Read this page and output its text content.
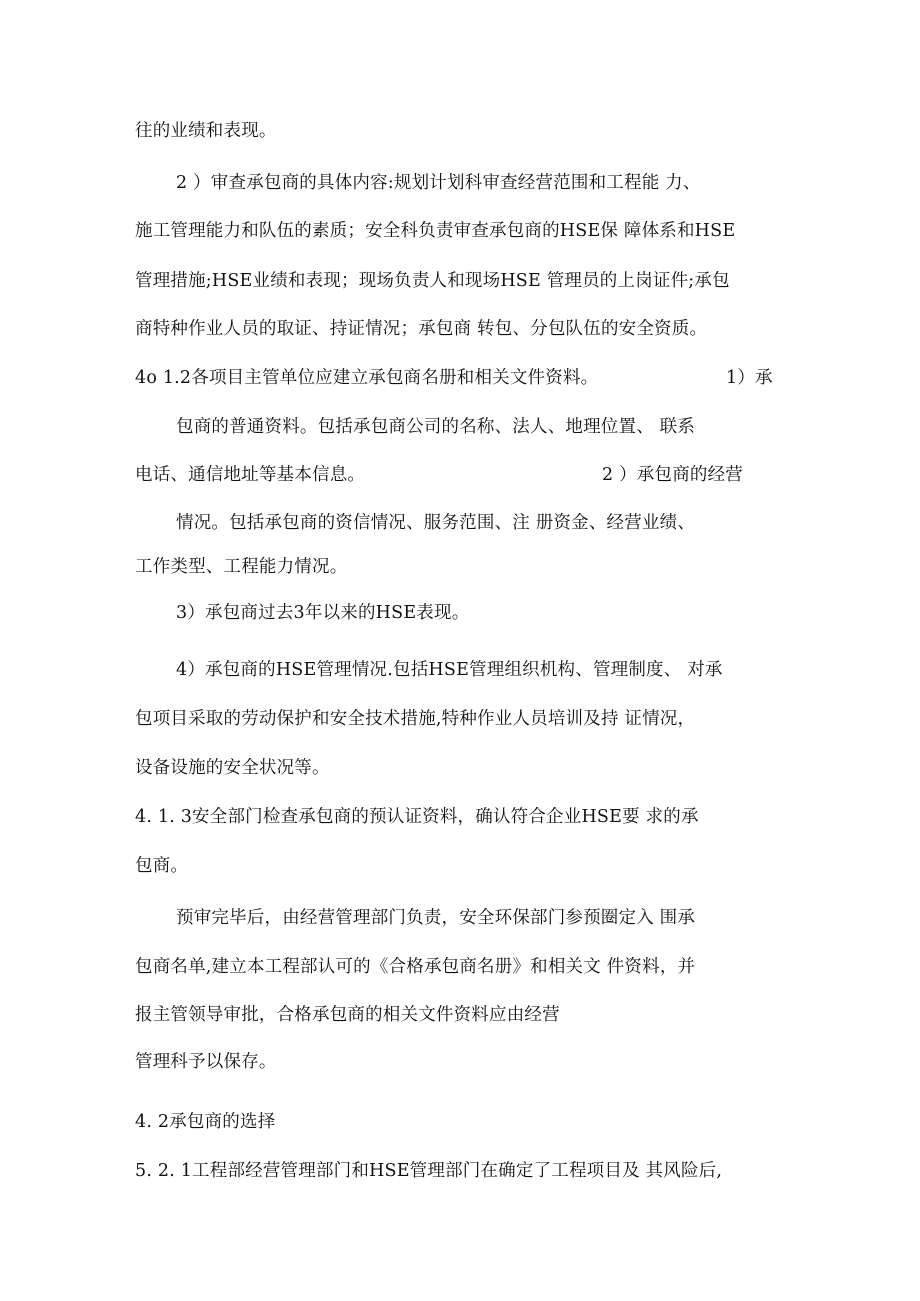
往的业绩和表现。
2 ）审查承包商的具体内容:规划计划科审查经营范围和工程能 力、
施工管理能力和队伍的素质；安全科负责审查承包商的HSE保 障体系和HSE
管理措施;HSE业绩和表现；现场负责人和现场HSE 管理员的上岗证件;承包
商特种作业人员的取证、持证情况；承包商 转包、分包队伍的安全资质。
4o 1.2各项目主管单位应建立承包商名册和相关文件资料。	1）承
包商的普通资料。包括承包商公司的名称、法人、地理位置、 联系
电话、通信地址等基本信息。	2 ）承包商的经营
情况。包括承包商的资信情况、服务范围、注 册资金、经营业绩、
工作类型、工程能力情况。
3）承包商过去3年以来的HSE表现。
4）承包商的HSE管理情况.包括HSE管理组织机构、管理制度、 对承
包项目采取的劳动保护和安全技术措施,特种作业人员培训及持 证情况，
设备设施的安全状况等。
4. 1. 3安全部门检查承包商的预认证资料，确认符合企业HSE要 求的承
包商。
预审完毕后，由经营管理部门负责，安全环保部门参预圈定入 围承
包商名单,建立本工程部认可的《合格承包商名册》和相关文 件资料，并
报主管领导审批，合格承包商的相关文件资料应由经营
管理科予以保存。
4. 2承包商的选择
5. 2. 1工程部经营管理部门和HSE管理部门在确定了工程项目及 其风险后,
